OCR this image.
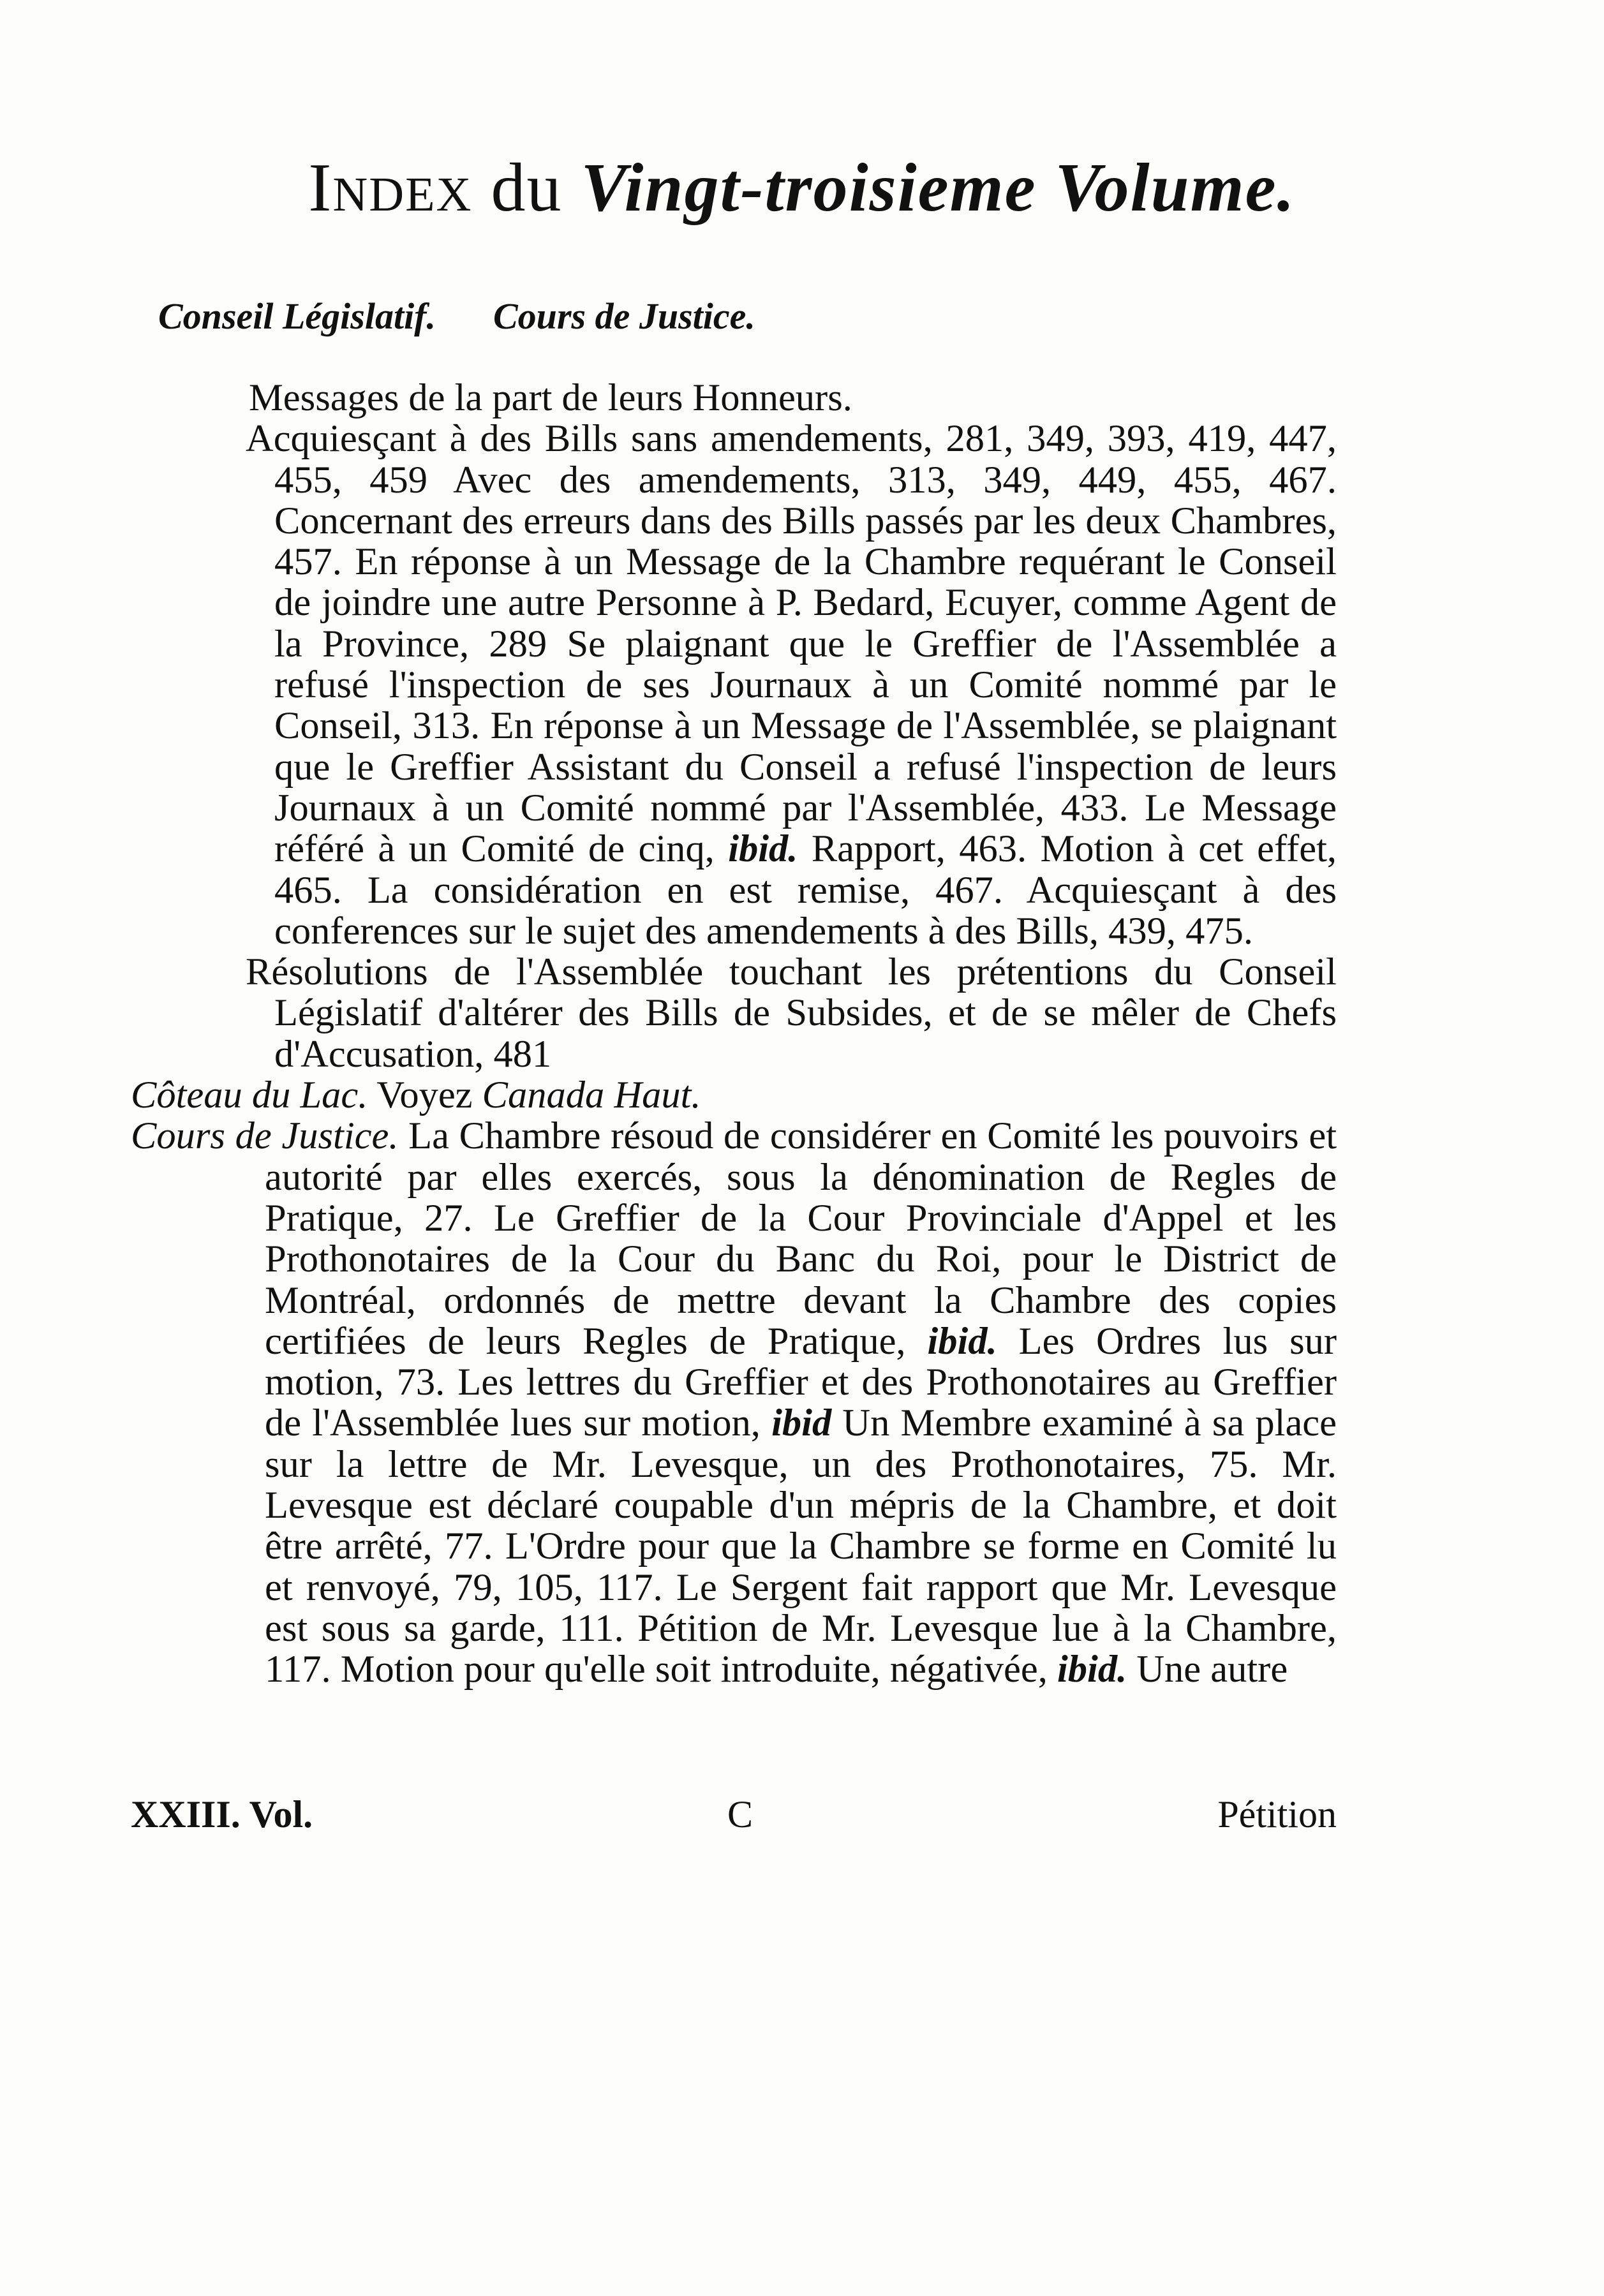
Index du Vingt-troisieme Volume.
Conseil Législatif. Cours de Justice.

Messages de la part de leurs Honneurs.

Acquiesçant à des Bills sans amendements, 281, 349, 393, 419, 447, 455, 459 Avec des amendements, 313, 349, 449, 455, 467. Concernant des erreurs dans des Bills passés par les deux Chambres, 457. En réponse à un Message de la Chambre requérant le Conseil de joindre une autre Personne à P. Bedard, Ecuyer, comme Agent de la Province, 289 Se plaignant que le Greffier de l'Assemblée a refusé l'inspection de ses Journaux à un Comité nommé par le Conseil, 313. En réponse à un Message de l'Assemblée, se plaignant que le Greffier Assistant du Conseil a refusé l'inspection de leurs Journaux à un Comité nommé par l'Assemblée, 433. Le Message référé à un Comité de cinq, ibid. Rapport, 463. Motion à cet effet, 465. La considération en est remise, 467. Acquiesçant à des conferences sur le sujet des amendements à des Bills, 439, 475.

Résolutions de l'Assemblée touchant les prétentions du Conseil Législatif d'altérer des Bills de Subsides, et de se mêler de Chefs d'Accusation, 481

Côteau du Lac. Voyez Canada Haut.

Cours de Justice. La Chambre résoud de considérer en Comité les pouvoirs et autorité par elles exercés, sous la dénomination de Regles de Pratique, 27. Le Greffier de la Cour Provinciale d'Appel et les Prothonotaires de la Cour du Banc du Roi, pour le District de Montréal, ordonnés de mettre devant la Chambre des copies certifiées de leurs Regles de Pratique, ibid. Les Ordres lus sur motion, 73. Les lettres du Greffier et des Prothonotaires au Greffier de l'Assemblée lues sur motion, ibid Un Membre examiné à sa place sur la lettre de Mr. Levesque, un des Prothonotaires, 75. Mr. Levesque est déclaré coupable d'un mépris de la Chambre, et doit être arrêté, 77. L'Ordre pour que la Chambre se forme en Comité lu et renvoyé, 79, 105, 117. Le Sergent fait rapport que Mr. Levesque est sous sa garde, 111. Pétition de Mr. Levesque lue à la Chambre, 117. Motion pour qu'elle soit introduite, négativée, ibid. Une autre

XXIII. Vol.	C	Pétition
